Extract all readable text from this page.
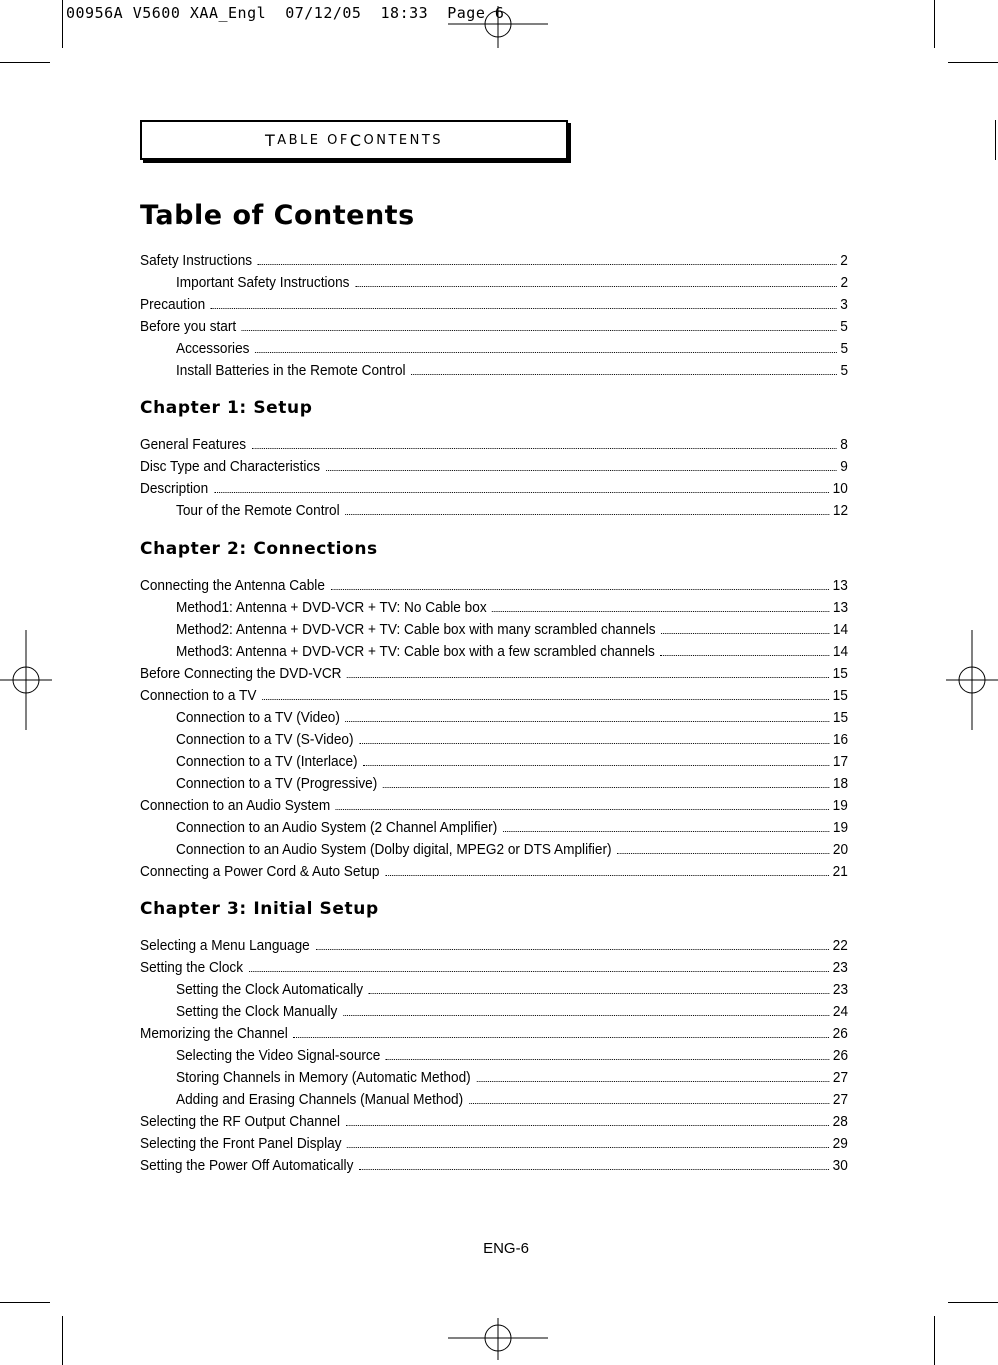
00956A V5600 XAA_Engl  07/12/05  18:33  Page 6
T ABLE OF C ONTENTS
Table of Contents
Chapter 1: Setup
Chapter 2: Connections
Chapter 3: Initial Setup
Safety Instructions	2
Important Safety Instructions	2
Precaution	3
Before you start	5
Accessories	5
Install Batteries in the Remote Control	5
General Features	8
Disc Type and Characteristics	9
Description	10
Tour of the Remote Control	12
Connecting the Antenna Cable	13
Method1: Antenna + DVD-VCR + TV: No Cable box	13
Method2: Antenna + DVD-VCR + TV: Cable box with many scrambled channels	14
Method3: Antenna + DVD-VCR + TV: Cable box with a few scrambled channels	14
Before Connecting the DVD-VCR	15
Connection to a TV	15
Connection to a TV (Video)	15
Connection to a TV (S-Video)	16
Connection to a TV (Interlace)	17
Connection to a TV (Progressive)	18
Connection to an Audio System	19
Connection to an Audio System (2 Channel Amplifier)	19
Connection to an Audio System (Dolby digital, MPEG2 or DTS Amplifier)	20
Connecting a Power Cord & Auto Setup	21
Selecting a Menu Language	22
Setting the Clock	23
Setting the Clock Automatically	23
Setting the Clock Manually	24
Memorizing the Channel	26
Selecting the Video Signal-source	26
Storing Channels in Memory (Automatic Method)	27
Adding and Erasing Channels (Manual Method)	27
Selecting the RF Output Channel	28
Selecting the Front Panel Display	29
Setting the Power Off Automatically	30
ENG-6
